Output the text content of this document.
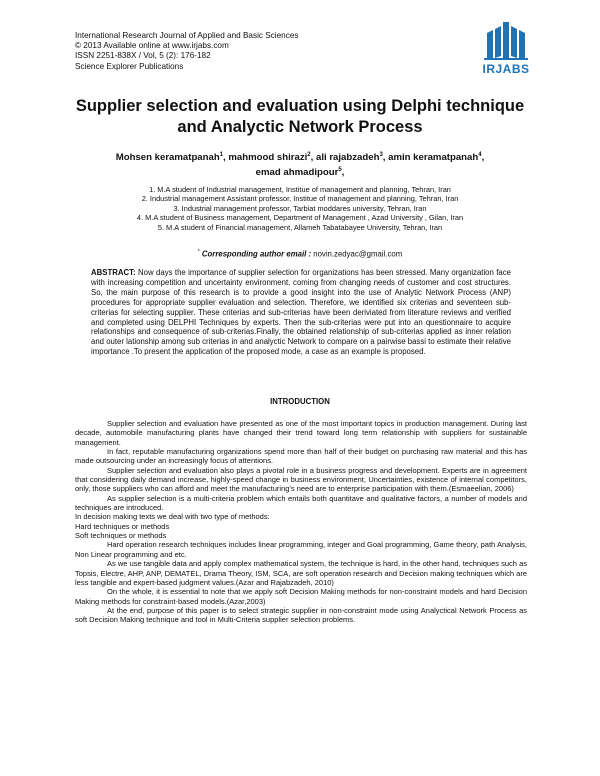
International Research Journal of Applied and Basic Sciences
© 2013 Available online at www.irjabs.com
ISSN 2251-838X / Vol, 5 (2): 176-182
Science Explorer Publications	IRJABS
Supplier selection and evaluation using Delphi technique and Analyctic Network Process
Mohsen keramatpanah$^1$, mahmood shirazi$^2$, ali rajabzadeh$^3$, amin keramatpanah$^4$,
emad ahmadipour$^5$,
1. M.A student of Industrial management, Institue of management and planning, Tehran, Iran
2. Industrial management Assistant professor, Institue of management and planning, Tehran, Iran
3. Industrial management professor, Tarbiat moddares university, Tehran, Iran
4. M.A student of Business management, Department of Management , Azad University , Gilan, Iran
5. M.A student of Financial management, Allameh Tabatabayee University, Tehran, Iran
* Corresponding author email : novin.zedyac@gmail.com
ABSTRACT: Now days the importance of supplier selection for organizations has been stressed. Many organization face with increasing competition and uncertainty environment, coming from changing needs of customer and cost structures. So, the main purpose of this research is to provide a good insight into the use of Analytic Network Process (ANP) procedures for appropriate supplier evaluation and selection. Therefore, we identified six criterias and seventeen sub-criterias for selecting supplier. These criterias and sub-criterias have been deriviated from literature reviews and verified and completed using DELPHI Techniques by experts. Then the sub-criterias were put into an questionnaire to acquire relationships and consequence of sub-criterias.Finally, the obtained relationship of sub-criterias applied as inner relation and outer lationship among sub criterias in and analyctic Network to compare on a pairwise bassi to estimate their relative importance .To present the application of the proposed mode, a case as an example is proposed.
INTRODUCTION

Supplier selection and evaluation have presented as one of the most important topics in production management. During last decade, automobile manufacturing plants have changed their trend toward long term relationship with suppliers for sustainable management.

In fact, reputable manufacturing organizations spend more than half of their budget on purchasing raw material and this has made outsourcing under an increasingly focus of attentions.

Supplier selection and evaluation also plays a pivotal role in a business progress and development. Experts are in agreement that considering daily demand increase, highly-speed change in business environment, Uncertainties, existence of internal competitors, only, those suppliers who can afford and meet the manufacturing's need are to enterprise participation with them.(Esmaeelian, 2006)

As supplier selection is a multi-criteria problem which entails both quantitave and qualitative factors, a number of models and techniques are introduced.

In decision making texts we deal with two type of methods:

Hard techniques or methods

Soft techniques or methods

Hard operation research techniques includes linear programming, integer and Goal programming, Game theory, path Analysis, Non Linear programming and etc.

As we use tangible data and apply complex mathematical system, the technique is hard, in the other hand, techniques such as Topsis, Electre, AHP, ANP, DEMATEL, Drama Theory, ISM, SCA, are soft operation research and Decision making techniques which are less tangible and expert-based judgment values.(Azar and Rajabzadeh, 2010)

On the whole, it is essential to note that we apply soft Decision Making methods for non-constraint models and hard Decision Making methods for constraint-based models.(Azar,2003)

At the end, purpose of this paper is to select strategic supplier in non-constraint mode using Analyctical Network Process as soft Decision Making technique and tool in Multi-Criteria supplier selection problems.
